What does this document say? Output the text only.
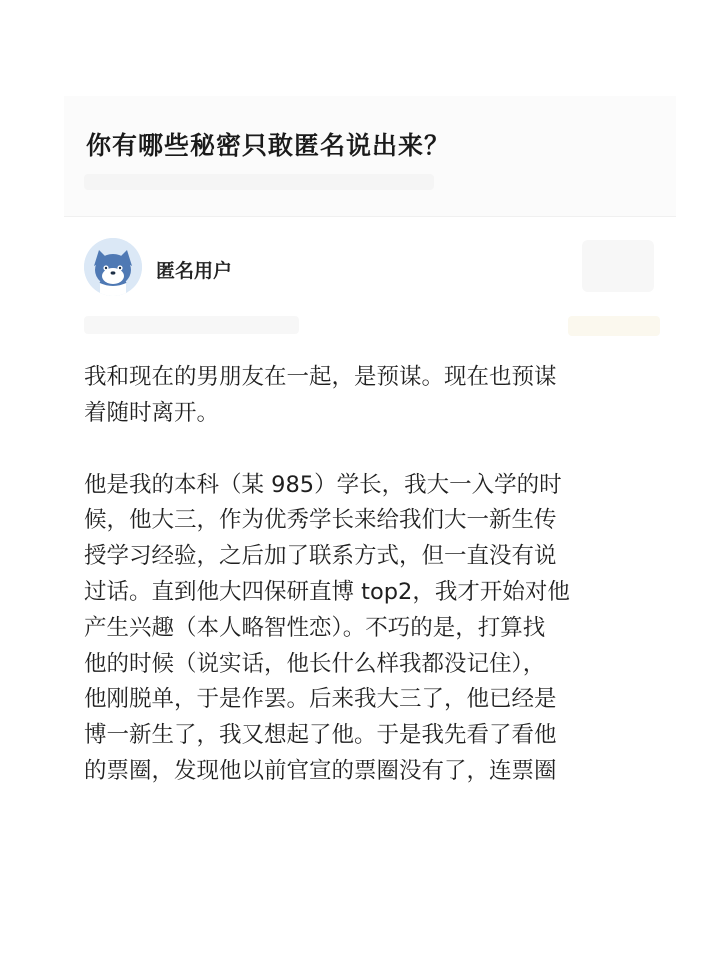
你有哪些秘密只敢匿名说出来？
匿名用户
我和现在的男朋友在一起，是预谋。现在也预谋
着随时离开。
他是我的本科（某 985）学长，我大一入学的时
候，他大三，作为优秀学长来给我们大一新生传
授学习经验，之后加了联系方式，但一直没有说
过话。直到他大四保研直博 top2，我才开始对他
产生兴趣（本人略智性恋）。不巧的是，打算找
他的时候（说实话，他长什么样我都没记住），
他刚脱单，于是作罢。后来我大三了，他已经是
博一新生了，我又想起了他。于是我先看了看他
的票圈，发现他以前官宣的票圈没有了，连票圈
